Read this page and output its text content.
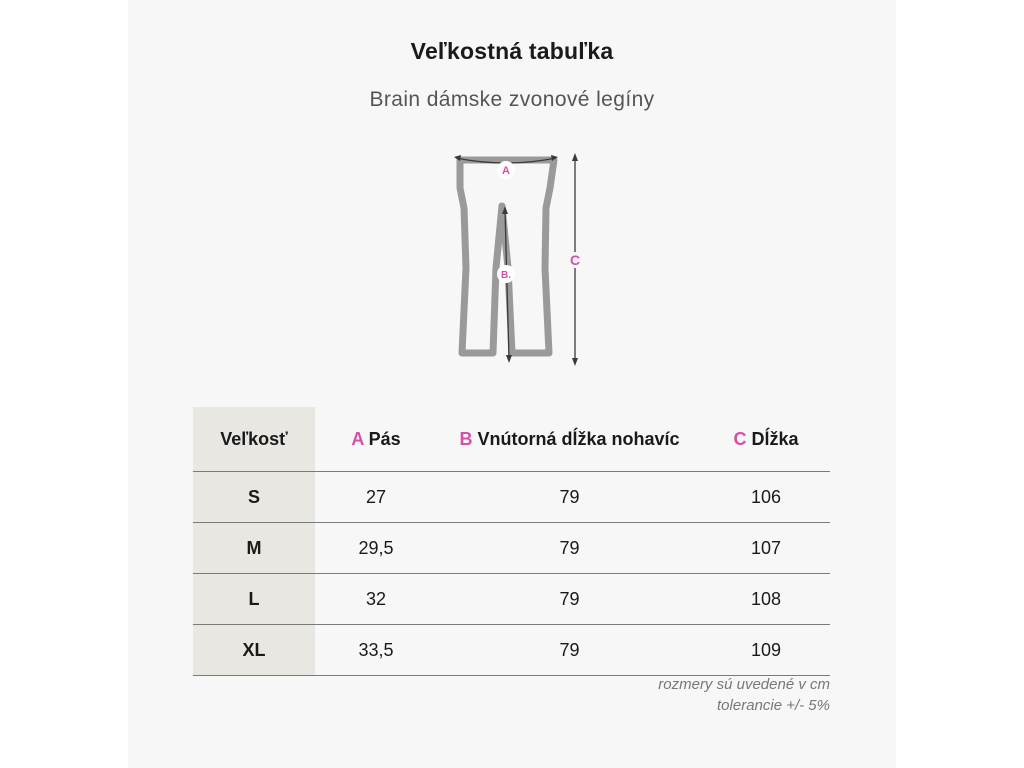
Veľkostná tabuľka
Brain dámske zvonové legíny
A
B.
C
Veľkosť	A Pás	B Vnútorná dĺžka nohavíc	C Dĺžka
S	27	79	106
M	29,5	79	107
L	32	79	108
XL	33,5	79	109
rozmery sú uvedené v cm
tolerancie +/- 5%
